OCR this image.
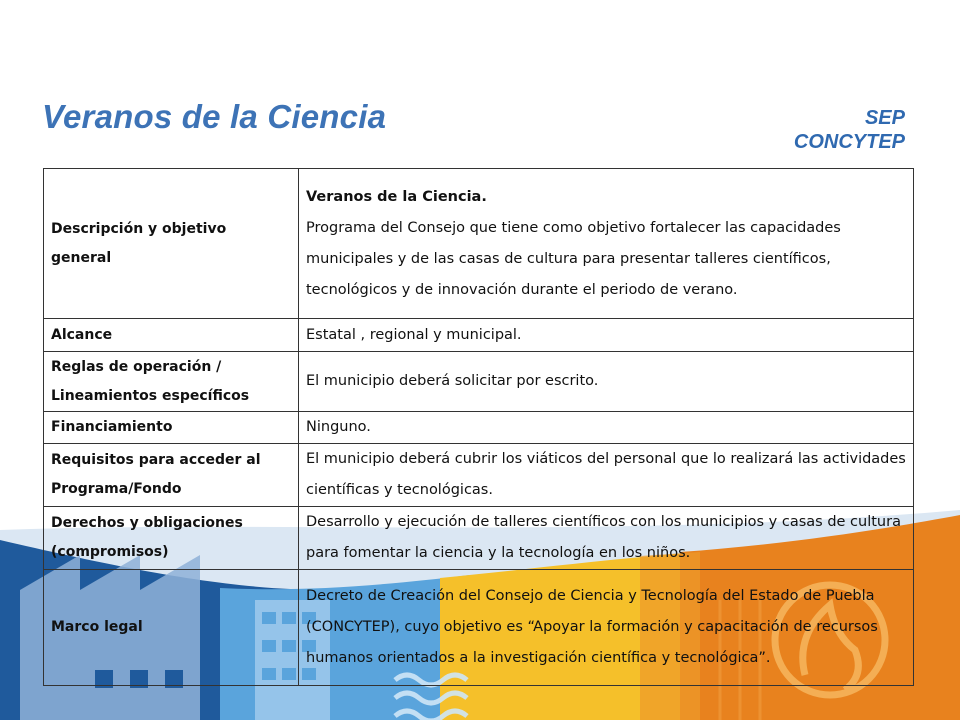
Veranos de la Ciencia	SEP
CONCYTEP
Descripción y objetivo general	Veranos de la Ciencia.
Programa del Consejo que tiene como objetivo fortalecer las capacidades municipales y de las casas de cultura para presentar talleres científicos, tecnológicos y de innovación durante el periodo de verano.

Alcance	Estatal , regional y municipal.
Reglas de operación / Lineamientos específicos	El municipio deberá solicitar por escrito.
Financiamiento	Ninguno.
Requisitos para acceder al Programa/Fondo	El municipio deberá cubrir los viáticos del personal que lo realizará las actividades científicas y tecnológicas.
Derechos y obligaciones (compromisos)	Desarrollo y ejecución de talleres científicos con los municipios y casas de cultura para fomentar la ciencia y la tecnología en los niños.
Marco legal	Decreto de Creación del Consejo de Ciencia y Tecnología del Estado de Puebla (CONCYTEP), cuyo objetivo es “Apoyar la formación y capacitación de recursos humanos orientados a la investigación científica y tecnológica”.
